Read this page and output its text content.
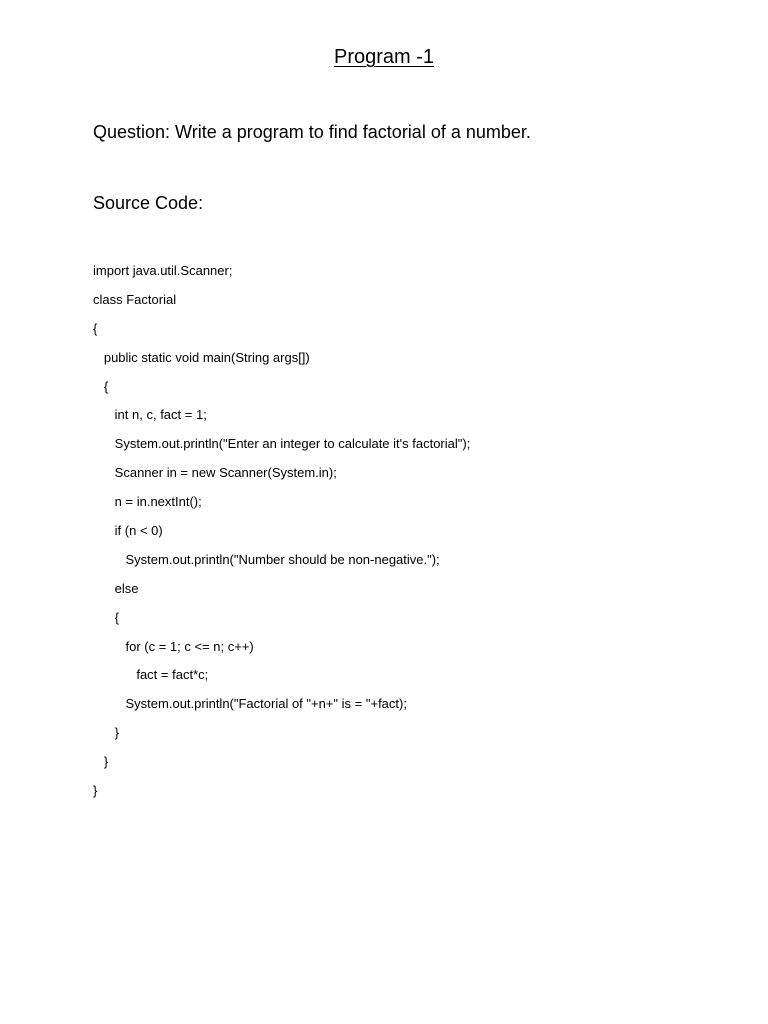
Program -1
Question: Write a program to find factorial of a number.
Source Code:
import java.util.Scanner;
class Factorial
{
public static void main(String args[])
{
int n, c, fact = 1;
System.out.println("Enter an integer to calculate it's factorial");
Scanner in = new Scanner(System.in);
n = in.nextInt();
if (n < 0)
System.out.println("Number should be non-negative.");
else
{
for (c = 1; c <= n; c++)
fact = fact*c;
System.out.println("Factorial of "+n+" is = "+fact);
}
}
}
